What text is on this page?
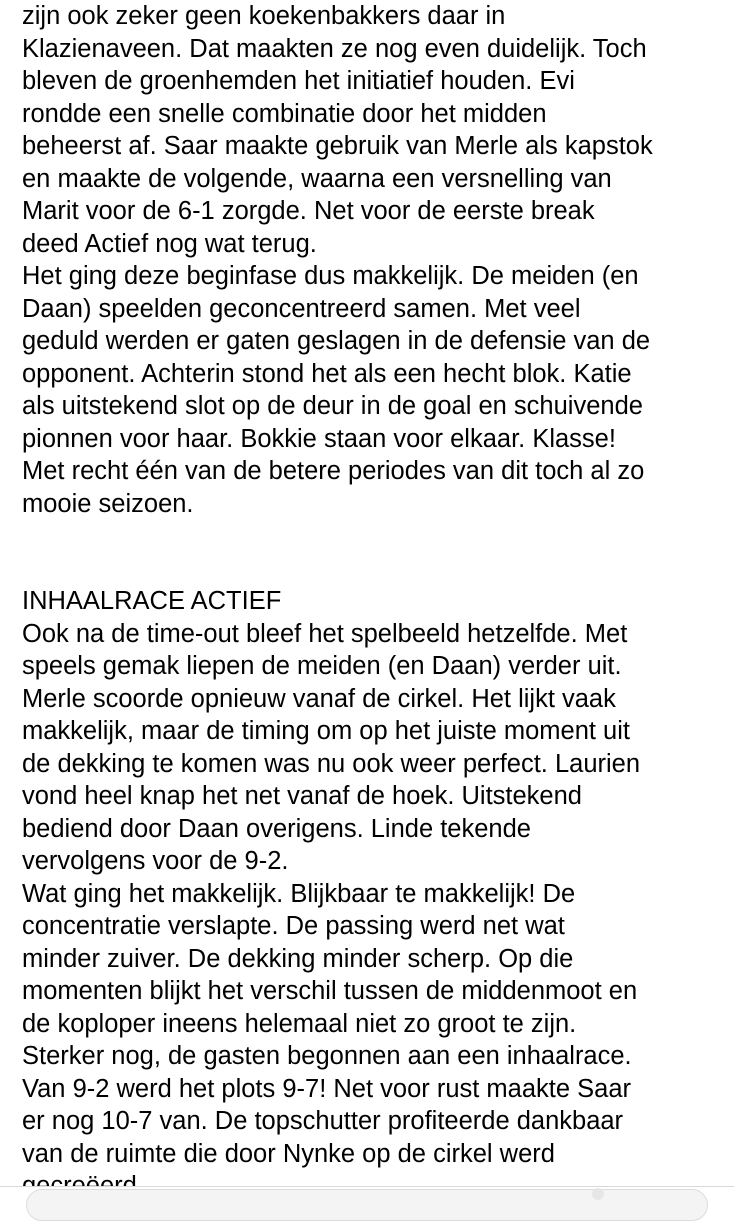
zijn ook zeker geen koekenbakkers daar in
Klazienaveen. Dat maakten ze nog even duidelijk. Toch
bleven de groenhemden het initiatief houden. Evi
rondde een snelle combinatie door het midden
beheerst af. Saar maakte gebruik van Merle als kapstok
en maakte de volgende, waarna een versnelling van
Marit voor de 6-1 zorgde. Net voor de eerste break
deed Actief nog wat terug.
Het ging deze beginfase dus makkelijk. De meiden (en
Daan) speelden geconcentreerd samen. Met veel
geduld werden er gaten geslagen in de defensie van de
opponent. Achterin stond het als een hecht blok. Katie
als uitstekend slot op de deur in de goal en schuivende
pionnen voor haar. Bokkie staan voor elkaar. Klasse!
Met recht één van de betere periodes van dit toch al zo
mooie seizoen.
INHAALRACE ACTIEF
Ook na de time-out bleef het spelbeeld hetzelfde. Met
speels gemak liepen de meiden (en Daan) verder uit.
Merle scoorde opnieuw vanaf de cirkel. Het lijkt vaak
makkelijk, maar de timing om op het juiste moment uit
de dekking te komen was nu ook weer perfect. Laurien
vond heel knap het net vanaf de hoek. Uitstekend
bediend door Daan overigens. Linde tekende
vervolgens voor de 9-2.
Wat ging het makkelijk. Blijkbaar te makkelijk! De
concentratie verslapte. De passing werd net wat
minder zuiver. De dekking minder scherp. Op die
momenten blijkt het verschil tussen de middenmoot en
de koploper ineens helemaal niet zo groot te zijn.
Sterker nog, de gasten begonnen aan een inhaalrace.
Van 9-2 werd het plots 9-7! Net voor rust maakte Saar
er nog 10-7 van. De topschutter profiteerde dankbaar
van de ruimte die door Nynke op de cirkel werd
